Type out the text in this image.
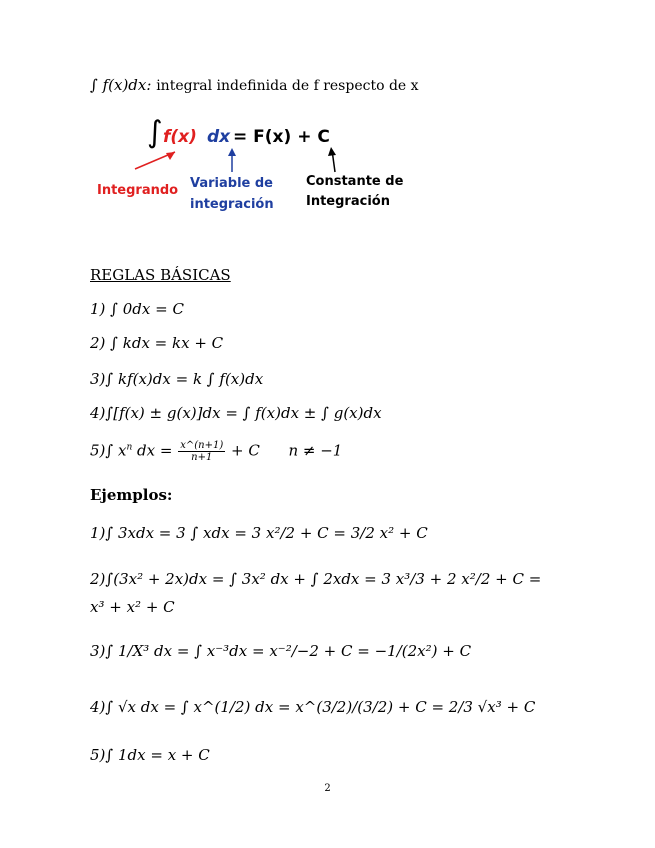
∫ f(x)dx: integral indefinida de f respecto de x
∫ f(x) dx = F(x) + C
Integrando Variable de
integración
Constante de
Integración
REGLAS BÁSICAS
1) ∫ 0dx = C
2) ∫ kdx = kx + C
3)∫ kf(x)dx = k ∫ f(x)dx
4)∫[f(x) ± g(x)]dx = ∫ f(x)dx ± ∫ g(x)dx
5)∫ $x^n$ dx = $\frac{x\^{}(n+1)}{n+1} + C$      n ≠ −1
Ejemplos:
1)∫ 3xdx = 3 ∫ xdx = 3 x²/2 + C = 3/2 x² + C
2)∫(3x² + 2x)dx = ∫ 3x² dx + ∫ 2xdx = 3 x³/3 + 2 x²/2 + C =
x³ + x² + C
3)∫ 1/X³ dx = ∫ x⁻³dx = x⁻²/−2 + C = −1/(2x²) + C
4)∫ √x dx = ∫ x^(1/2) dx = x^(3/2)/(3/2) + C = 2/3 √x³ + C
5)∫ 1dx = x + C
2
